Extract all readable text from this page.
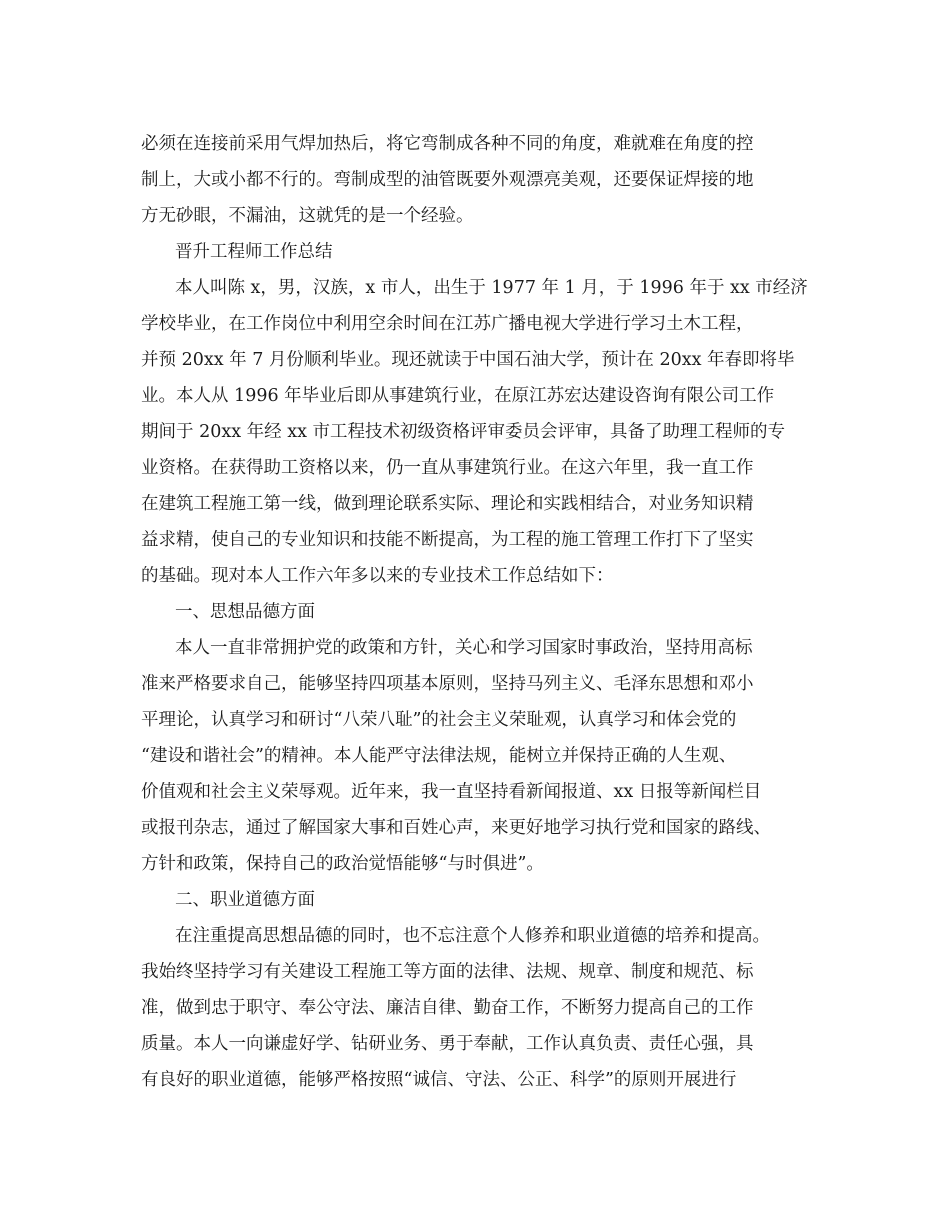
必须在连接前采用气焊加热后，将它弯制成各种不同的角度，难就难在角度的控
制上，大或小都不行的。弯制成型的油管既要外观漂亮美观，还要保证焊接的地
方无砂眼，不漏油，这就凭的是一个经验。
晋升工程师工作总结
本人叫陈 x，男，汉族，x 市人，出生于 1977 年 1 月，于 1996 年于 xx 市经济
学校毕业，在工作岗位中利用空余时间在江苏广播电视大学进行学习土木工程，
并预 20xx 年 7 月份顺利毕业。现还就读于中国石油大学，预计在 20xx 年春即将毕
业。本人从 1996 年毕业后即从事建筑行业，在原江苏宏达建设咨询有限公司工作
期间于 20xx 年经 xx 市工程技术初级资格评审委员会评审，具备了助理工程师的专
业资格。在获得助工资格以来，仍一直从事建筑行业。在这六年里，我一直工作
在建筑工程施工第一线，做到理论联系实际、理论和实践相结合，对业务知识精
益求精，使自己的专业知识和技能不断提高，为工程的施工管理工作打下了坚实
的基础。现对本人工作六年多以来的专业技术工作总结如下：
一、思想品德方面
本人一直非常拥护党的政策和方针，关心和学习国家时事政治，坚持用高标
准来严格要求自己，能够坚持四项基本原则，坚持马列主义、毛泽东思想和邓小
平理论，认真学习和研讨“八荣八耻”的社会主义荣耻观，认真学习和体会党的
“建设和谐社会”的精神。本人能严守法律法规，能树立并保持正确的人生观、
价值观和社会主义荣辱观。近年来，我一直坚持看新闻报道、xx 日报等新闻栏目
或报刊杂志，通过了解国家大事和百姓心声，来更好地学习执行党和国家的路线、
方针和政策，保持自己的政治觉悟能够“与时俱进”。
二、职业道德方面
在注重提高思想品德的同时，也不忘注意个人修养和职业道德的培养和提高。
我始终坚持学习有关建设工程施工等方面的法律、法规、规章、制度和规范、标
准，做到忠于职守、奉公守法、廉洁自律、勤奋工作，不断努力提高自己的工作
质量。本人一向谦虚好学、钻研业务、勇于奉献，工作认真负责、责任心强，具
有良好的职业道德，能够严格按照“诚信、守法、公正、科学”的原则开展进行
